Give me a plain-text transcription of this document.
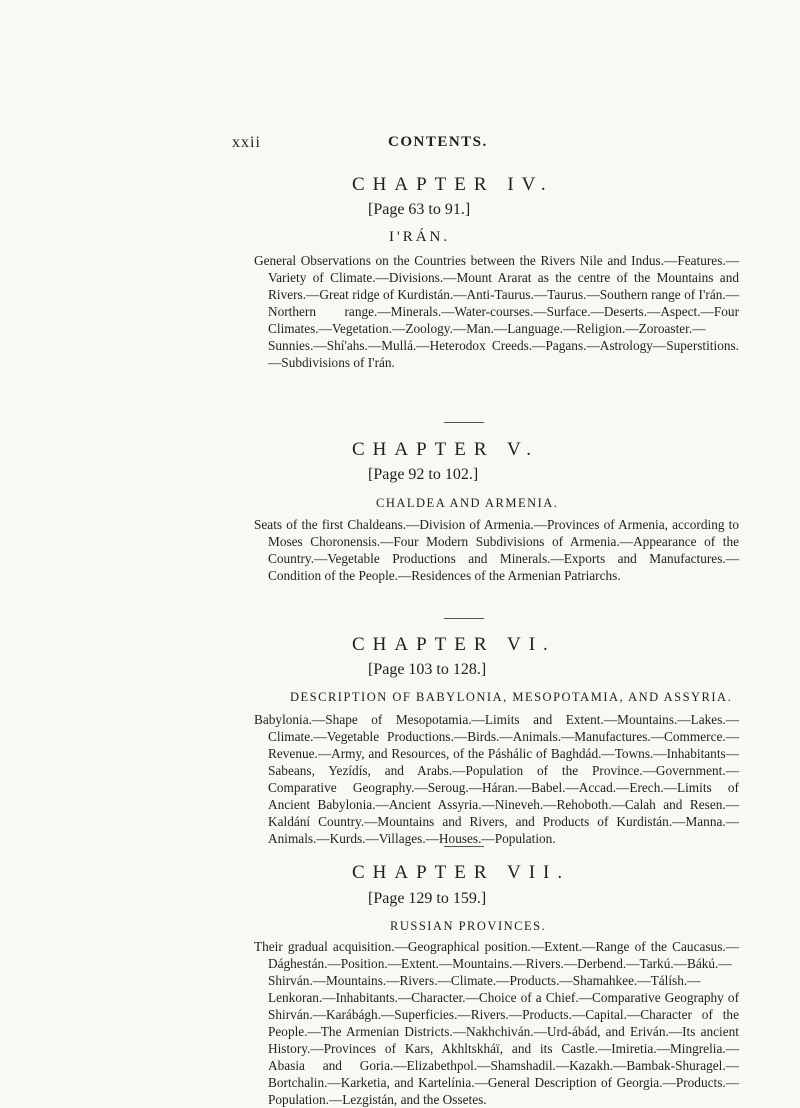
xxii	CONTENTS.
CHAPTER IV.
[Page 63 to 91.]
I'RÁN.

General Observations on the Countries between the Rivers Nile and Indus.—Features.—Variety of Climate.—Divisions.—Mount Ararat as the centre of the Mountains and Rivers.—Great ridge of Kurdistán.—Anti-Taurus.—Taurus.—Southern range of I'rán.—Northern range.—Minerals.—Water-courses.—Surface.—Deserts.—Aspect.—Four Climates.—Vegetation.—Zoology.—Man.—Language.—Religion.—Zoroaster.—Sunnies.—Shí'ahs.—Mullá.—Heterodox Creeds.—Pagans.—Astrology—Superstitions.—Subdivisions of I'rán.

CHAPTER V.
[Page 92 to 102.]
CHALDEA AND ARMENIA.

Seats of the first Chaldeans.—Division of Armenia.—Provinces of Armenia, according to Moses Choronensis.—Four Modern Subdivisions of Armenia.—Appearance of the Country.—Vegetable Productions and Minerals.—Exports and Manufactures.—Condition of the People.—Residences of the Armenian Patriarchs.

CHAPTER VI.
[Page 103 to 128.]
DESCRIPTION OF BABYLONIA, MESOPOTAMIA, AND ASSYRIA.

Babylonia.—Shape of Mesopotamia.—Limits and Extent.—Mountains.—Lakes.—Climate.—Vegetable Productions.—Birds.—Animals.—Manufactures.—Commerce.—Revenue.—Army, and Resources, of the Páshálic of Baghdád.—Towns.—Inhabitants—Sabeans, Yezídís, and Arabs.—Population of the Province.—Government.—Comparative Geography.—Seroug.—Háran.—Babel.—Accad.—Erech.—Limits of Ancient Babylonia.—Ancient Assyria.—Nineveh.—Rehoboth.—Calah and Resen.—Kaldání Country.—Mountains and Rivers, and Products of Kurdistán.—Manna.—Animals.—Kurds.—Villages.—Houses.—Population.

CHAPTER VII.
[Page 129 to 159.]
RUSSIAN PROVINCES.

Their gradual acquisition.—Geographical position.—Extent.—Range of the Caucasus.—Dághestán.—Position.—Extent.—Mountains.—Rivers.—Derbend.—Tarkú.—Bákú.—Shirván.—Mountains.—Rivers.—Climate.—Products.—Shamahkee.—Tálísh.—Lenkoran.—Inhabitants.—Character.—Choice of a Chief.—Comparative Geography of Shirván.—Karábágh.—Superficies.—Rivers.—Products.—Capital.—Character of the People.—The Armenian Districts.—Nakhchiván.—Urd-ábád, and Eriván.—Its ancient History.—Provinces of Kars, Akhltskháï, and its Castle.—Imiretia.—Mingrelia.—Abasia and Goria.—Elizabethpol.—Shamshadil.—Kazakh.—Bambak-Shuragel.—Bortchalin.—Karketia, and Kartelínia.—General Description of Georgia.—Products.—Population.—Lezgistán, and the Ossetes.
